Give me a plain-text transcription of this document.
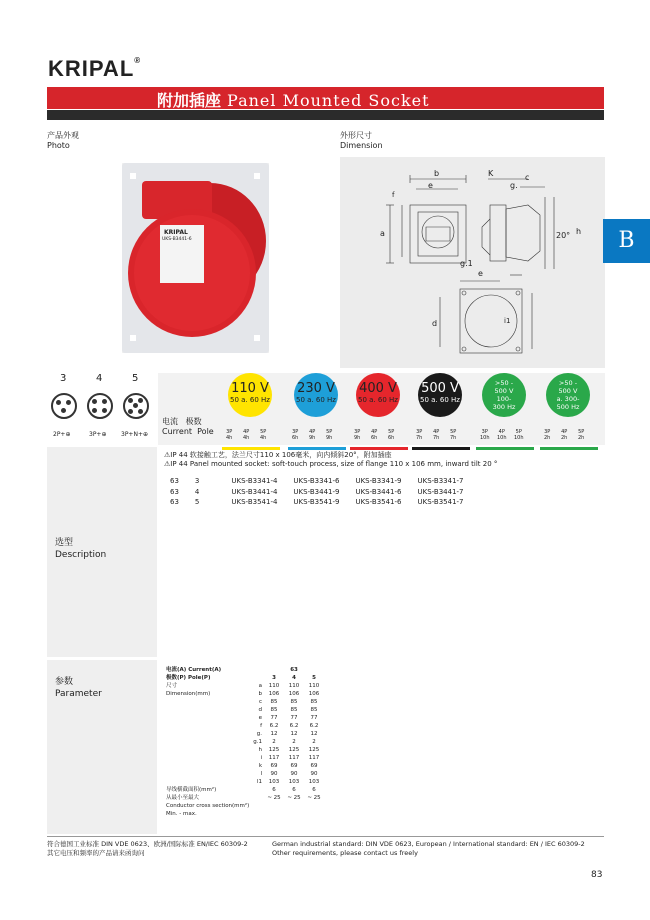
KRIPAL®
附加插座 Panel Mounted Socket
产品外观
Photo
KRIPAL
UKS-B3441-6
外形尺寸
Dimension
b	K	c
e
f
g.
a	20° h
g.1
e
d	i1
B
3	4	5
2P+⊕	3P+⊕ 3P+N+⊕
电流 极数
Current Pole
110 V
50 a. 60 Hz
3P
4h
4P
4h
5P
4h
230 V
50 a. 60 Hz
3P
6h
4P
9h
5P
9h
400 V
50 a. 60 Hz
3P
9h
4P
6h
5P
6h
500 V
50 a. 60 Hz
3P
7h
4P
7h
5P
7h
>50 -
500 V
100-
300 Hz
3P
10h
4P
10h
5P
10h
>50 -
500 V
a. 300-
500 Hz
3P
2h
4P
2h
5P
2h
选型
Description
⚠IP 44 软接触工艺，法兰尺寸110 x 106毫米，向内倾斜20°，附加插座
⚠IP 44 Panel mounted socket: soft-touch process, size of flange 110 x 106 mm, inward tilt 20 °
63	3	UKS-B3341-4	UKS-B3341-6	UKS-B3341-9	UKS-B3341-7
63	4	UKS-B3441-4	UKS-B3441-9	UKS-B3441-6	UKS-B3441-7
63	5	UKS-B3541-4	UKS-B3541-9	UKS-B3541-6	UKS-B3541-7
参数
Parameter
电流(A) Current(A)		63		
极数(P) Pole(P)		3	4	5
尺寸	a	110	110	110
Dimension(mm)	b	106	106	106
	c	85	85	85
	d	85	85	85
	e	77	77	77
	f	6.2	6.2	6.2
	g.	12	12	12
	g.1	2	2	2
	h	125	125	125
	i	117	117	117
	k	69	69	69
	l	90	90	90
	l1	103	103	103
导线横截面积(mm²)		6	6	6
从最小至最大		~ 25	~ 25	~ 25
Conductor cross section(mm²)				
Min. - max.				
符合德国工业标准 DIN VDE 0623、欧洲/国际标准 EN/IEC 60309-2
其它电压和频率的产品请来函询问
German industrial standard: DIN VDE 0623, European / International standard: EN / IEC 60309-2
Other requirements, please contact us freely
83
